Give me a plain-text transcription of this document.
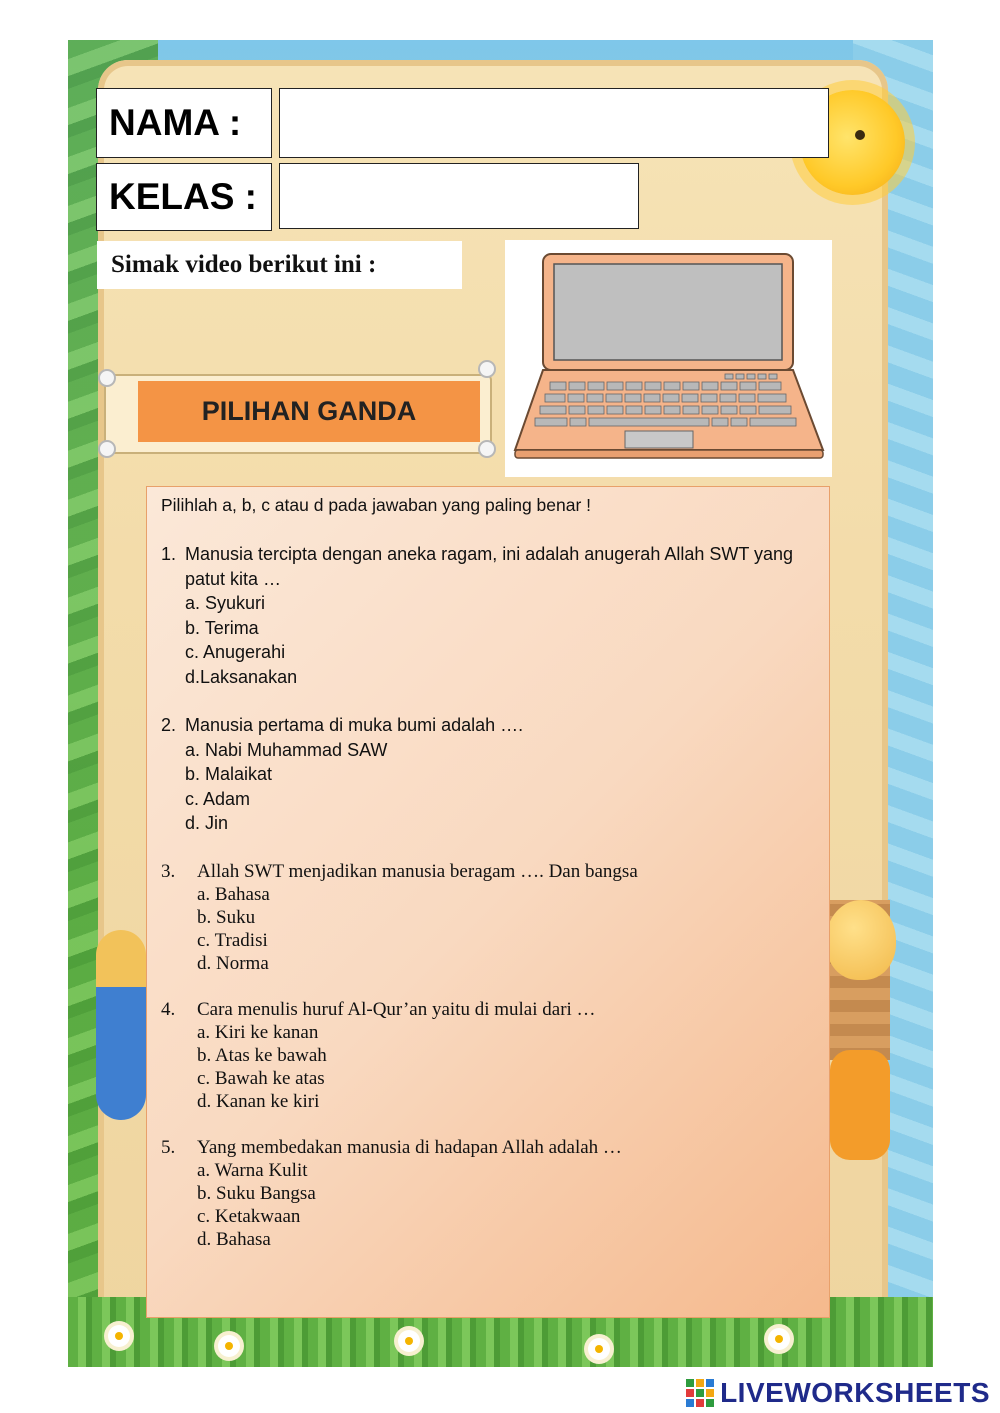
NAMA :
KELAS :
Simak video berikut ini :
PILIHAN GANDA

Pilihlah a, b, c atau d pada jawaban yang paling benar !

1. Manusia tercipta dengan aneka ragam, ini adalah anugerah Allah SWT yang patut kita …
a. Syukuri
b. Terima
c. Anugerahi
d.Laksanakan
2. Manusia pertama di muka bumi adalah ….
a. Nabi Muhammad SAW
b. Malaikat
c. Adam
d. Jin
3.	Allah SWT menjadikan manusia beragam …. Dan bangsa
a. Bahasa
b. Suku
c. Tradisi
d. Norma
4.	Cara menulis huruf Al-Qur’an yaitu di mulai dari …
a. Kiri ke kanan
b. Atas ke bawah
c. Bawah ke atas
d. Kanan ke kiri
5.	Yang membedakan manusia di hadapan Allah adalah …
a. Warna Kulit
b. Suku Bangsa
c. Ketakwaan
d. Bahasa
LIVEWORKSHEETS
